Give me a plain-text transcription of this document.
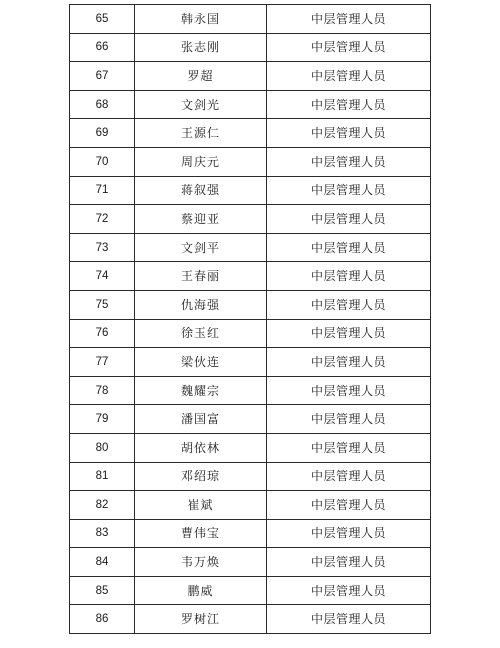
65	韩永国	中层管理人员
66	张志刚	中层管理人员
67	罗超	中层管理人员
68	文剑光	中层管理人员
69	王源仁	中层管理人员
70	周庆元	中层管理人员
71	蒋叙强	中层管理人员
72	蔡迎亚	中层管理人员
73	文剑平	中层管理人员
74	王春丽	中层管理人员
75	仇海强	中层管理人员
76	徐玉红	中层管理人员
77	梁伙连	中层管理人员
78	魏耀宗	中层管理人员
79	潘国富	中层管理人员
80	胡依林	中层管理人员
81	邓绍琼	中层管理人员
82	崔斌	中层管理人员
83	曹伟宝	中层管理人员
84	韦万焕	中层管理人员
85	鹏威	中层管理人员
86	罗树江	中层管理人员
